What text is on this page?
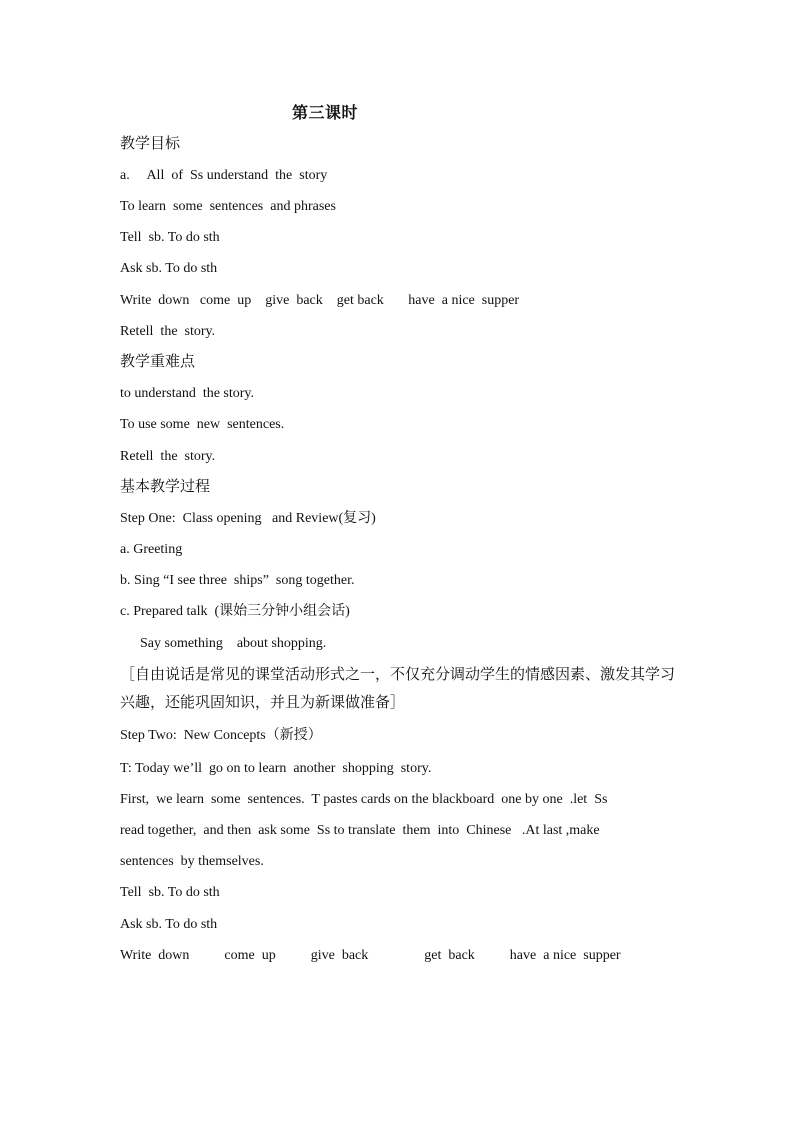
第三课时
教学目标
a.     All  of  Ss understand  the  story
To learn  some  sentences  and phrases
Tell  sb. To do sth
Ask sb. To do sth
Write  down   come  up    give  back    get back       have  a nice  supper
Retell  the  story.
教学重难点
to understand  the story.
To use some  new  sentences.
Retell  the  story.
基本教学过程
Step One:  Class opening   and Review(复习)
a. Greeting
b. Sing “I see three  ships”  song together.
c. Prepared talk  (课始三分钟小组会话)
Say something    about shopping.
［自由说话是常见的课堂活动形式之一，不仅充分调动学生的情感因素、激发其学习兴趣，还能巩固知识，并且为新课做准备］
Step Two:  New Concepts（新授）
T: Today we’ll  go on to learn  another  shopping  story.
First,  we learn  some  sentences.  T pastes cards on the blackboard  one by one  .let  Ss
read together,  and then  ask some  Ss to translate  them  into  Chinese   .At last ,make
sentences  by themselves.
Tell  sb. To do sth
Ask sb. To do sth
Write  down          come  up          give  back                get  back          have  a nice  supper
